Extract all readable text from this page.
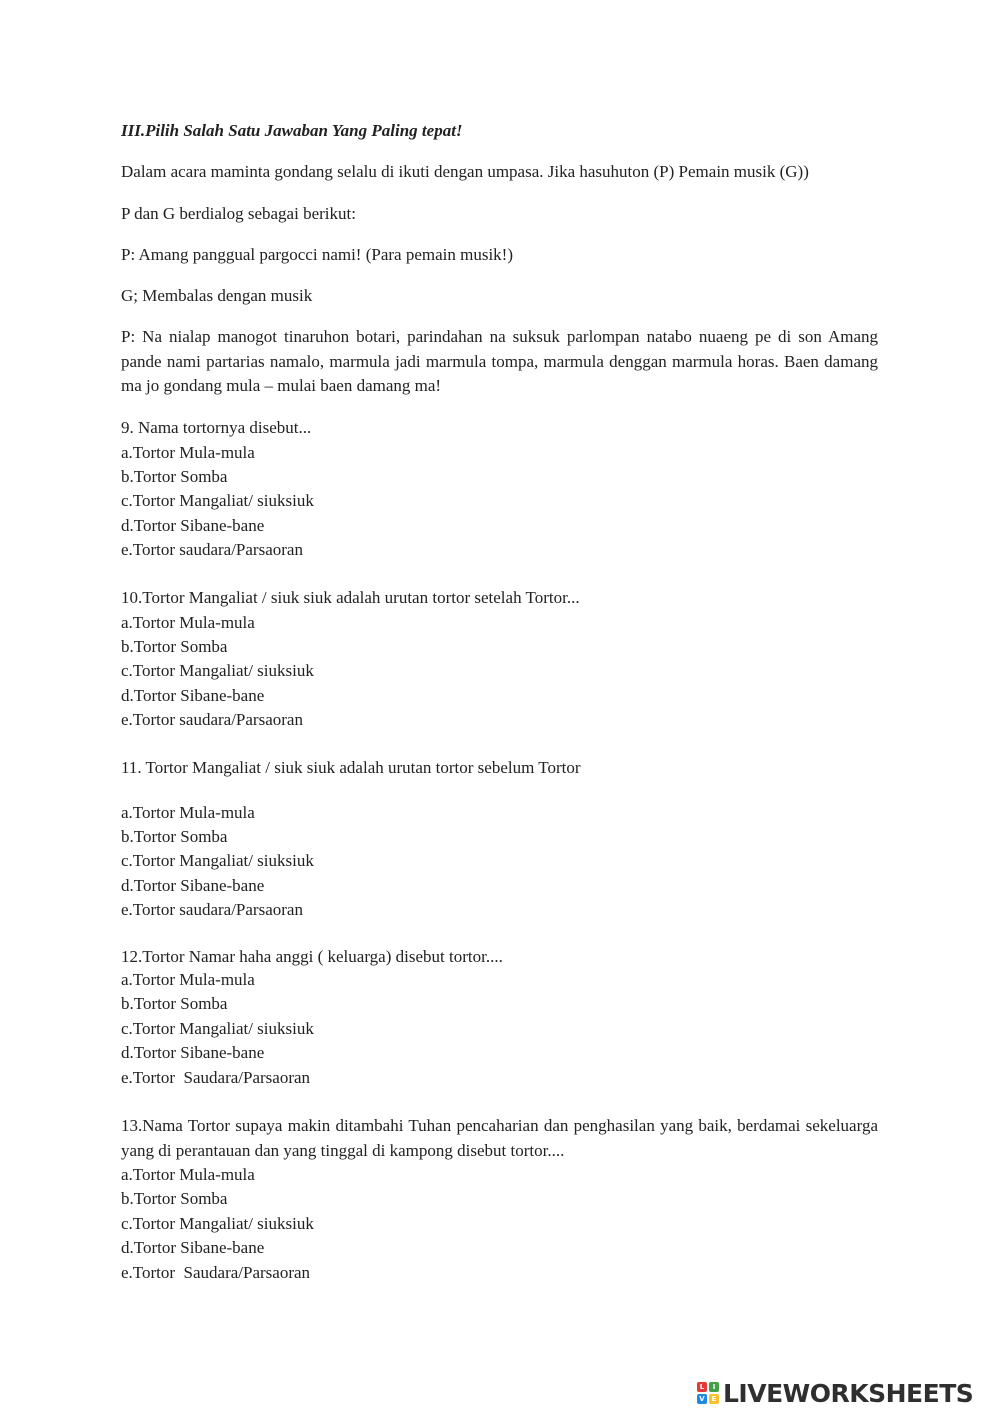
III.Pilih Salah Satu Jawaban Yang Paling tepat!
Dalam acara maminta gondang selalu di ikuti dengan umpasa. Jika hasuhuton (P) Pemain musik (G))
P dan G berdialog sebagai berikut:
P: Amang panggual pargocci nami! (Para pemain musik!)
G; Membalas dengan musik
P: Na nialap manogot tinaruhon botari, parindahan na suksuk parlompan natabo nuaeng pe di son Amang pande nami partarias namalo, marmula jadi marmula tompa, marmula denggan marmula horas. Baen damang ma jo gondang mula – mulai baen damang ma!
9. Nama tortornya disebut...
a.Tortor Mula-mula
b.Tortor Somba
c.Tortor Mangaliat/ siuksiuk
d.Tortor Sibane-bane
e.Tortor saudara/Parsaoran
10.Tortor Mangaliat / siuk siuk adalah urutan tortor setelah Tortor...
a.Tortor Mula-mula
b.Tortor Somba
c.Tortor Mangaliat/ siuksiuk
d.Tortor Sibane-bane
e.Tortor saudara/Parsaoran
11. Tortor Mangaliat / siuk siuk adalah urutan tortor sebelum Tortor
a.Tortor Mula-mula
b.Tortor Somba
c.Tortor Mangaliat/ siuksiuk
d.Tortor Sibane-bane
e.Tortor saudara/Parsaoran
12.Tortor Namar haha anggi ( keluarga) disebut tortor....
a.Tortor Mula-mula
b.Tortor Somba
c.Tortor Mangaliat/ siuksiuk
d.Tortor Sibane-bane
e.Tortor  Saudara/Parsaoran
13.Nama Tortor supaya makin ditambahi Tuhan pencaharian dan penghasilan yang baik, berdamai sekeluarga yang di perantauan dan yang tinggal di kampong disebut tortor....
a.Tortor Mula-mula
b.Tortor Somba
c.Tortor Mangaliat/ siuksiuk
d.Tortor Sibane-bane
e.Tortor  Saudara/Parsaoran
L	I
V E LIVEWORKSHEETS
